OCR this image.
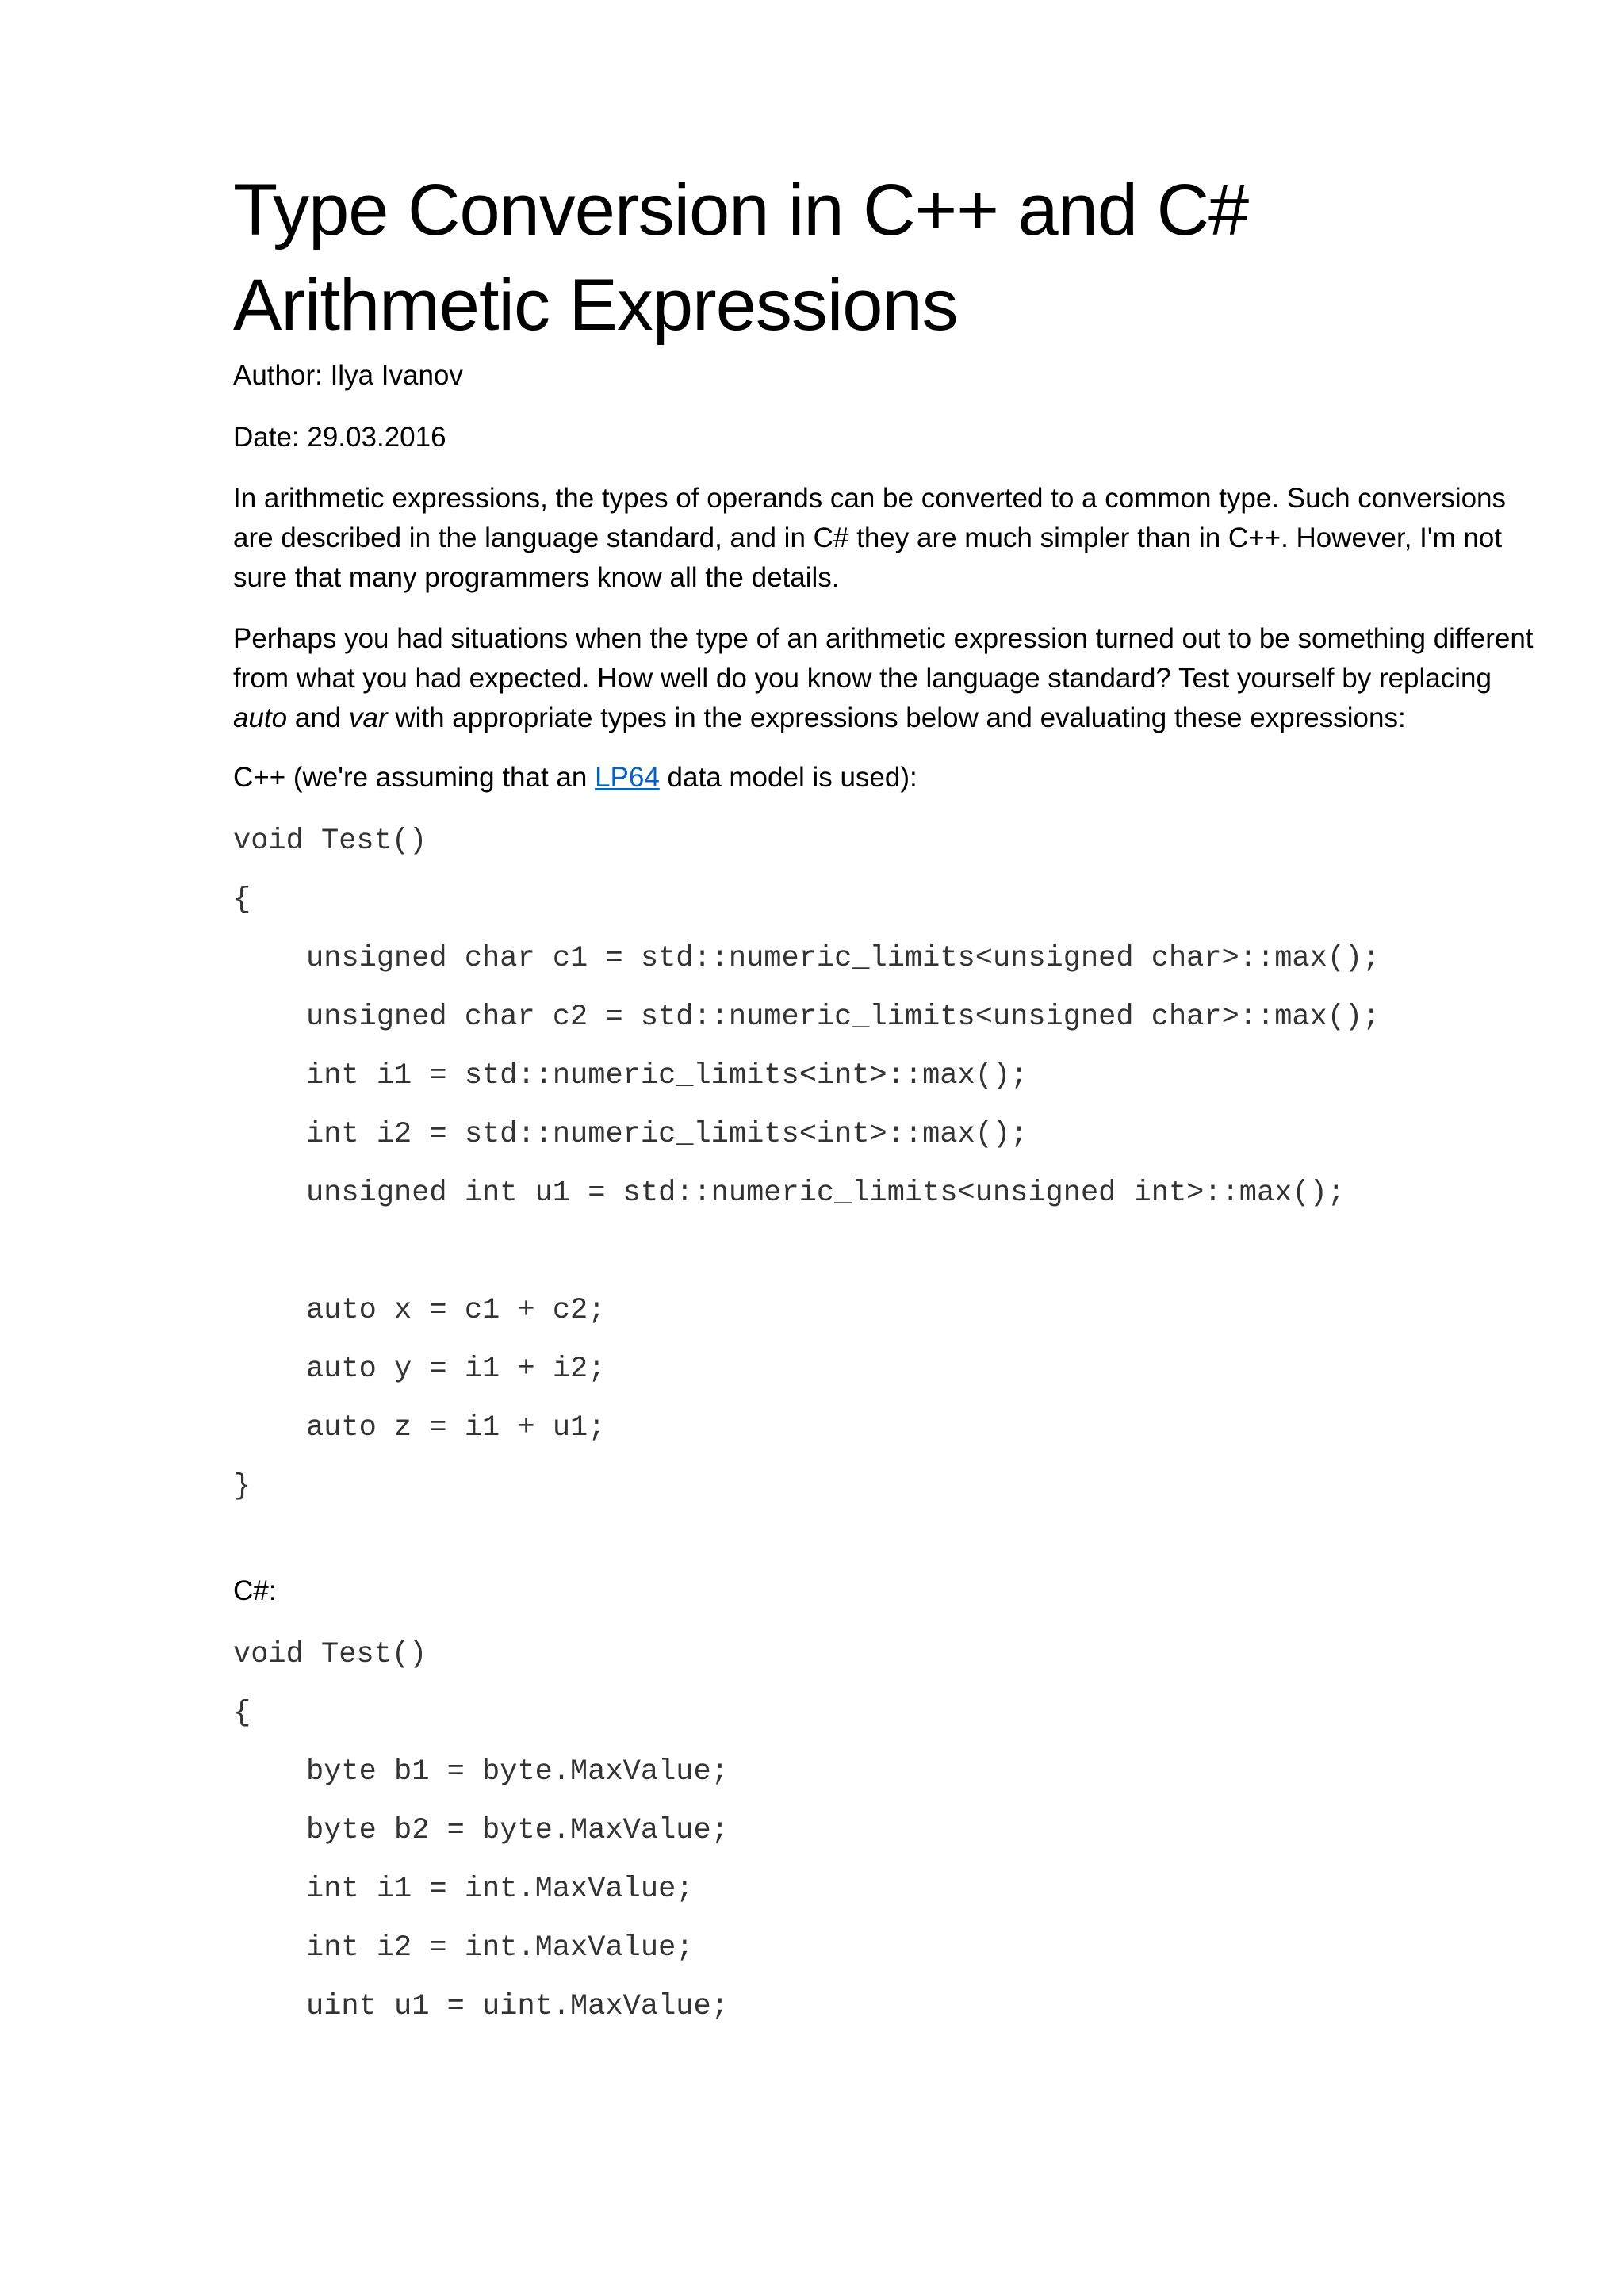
Type Conversion in C++ and C# Arithmetic Expressions

Author: Ilya Ivanov

Date: 29.03.2016

In arithmetic expressions, the types of operands can be converted to a common type. Such conversions are described in the language standard, and in C# they are much simpler than in C++. However, I'm not sure that many programmers know all the details.

Perhaps you had situations when the type of an arithmetic expression turned out to be something different from what you had expected. How well do you know the language standard? Test yourself by replacing auto and var with appropriate types in the expressions below and evaluating these expressions:

C++ (we're assuming that an LP64 data model is used):

void Test()
{
unsigned char c1 = std::numeric_limits<unsigned char>::max();
unsigned char c2 = std::numeric_limits<unsigned char>::max();
int i1 = std::numeric_limits<int>::max();
int i2 = std::numeric_limits<int>::max();
unsigned int u1 = std::numeric_limits<unsigned int>::max();
auto x = c1 + c2;
auto y = i1 + i2;
auto z = i1 + u1;
}

C#:

void Test()
{
byte b1 = byte.MaxValue;
byte b2 = byte.MaxValue;
int i1 = int.MaxValue;
int i2 = int.MaxValue;
uint u1 = uint.MaxValue;
